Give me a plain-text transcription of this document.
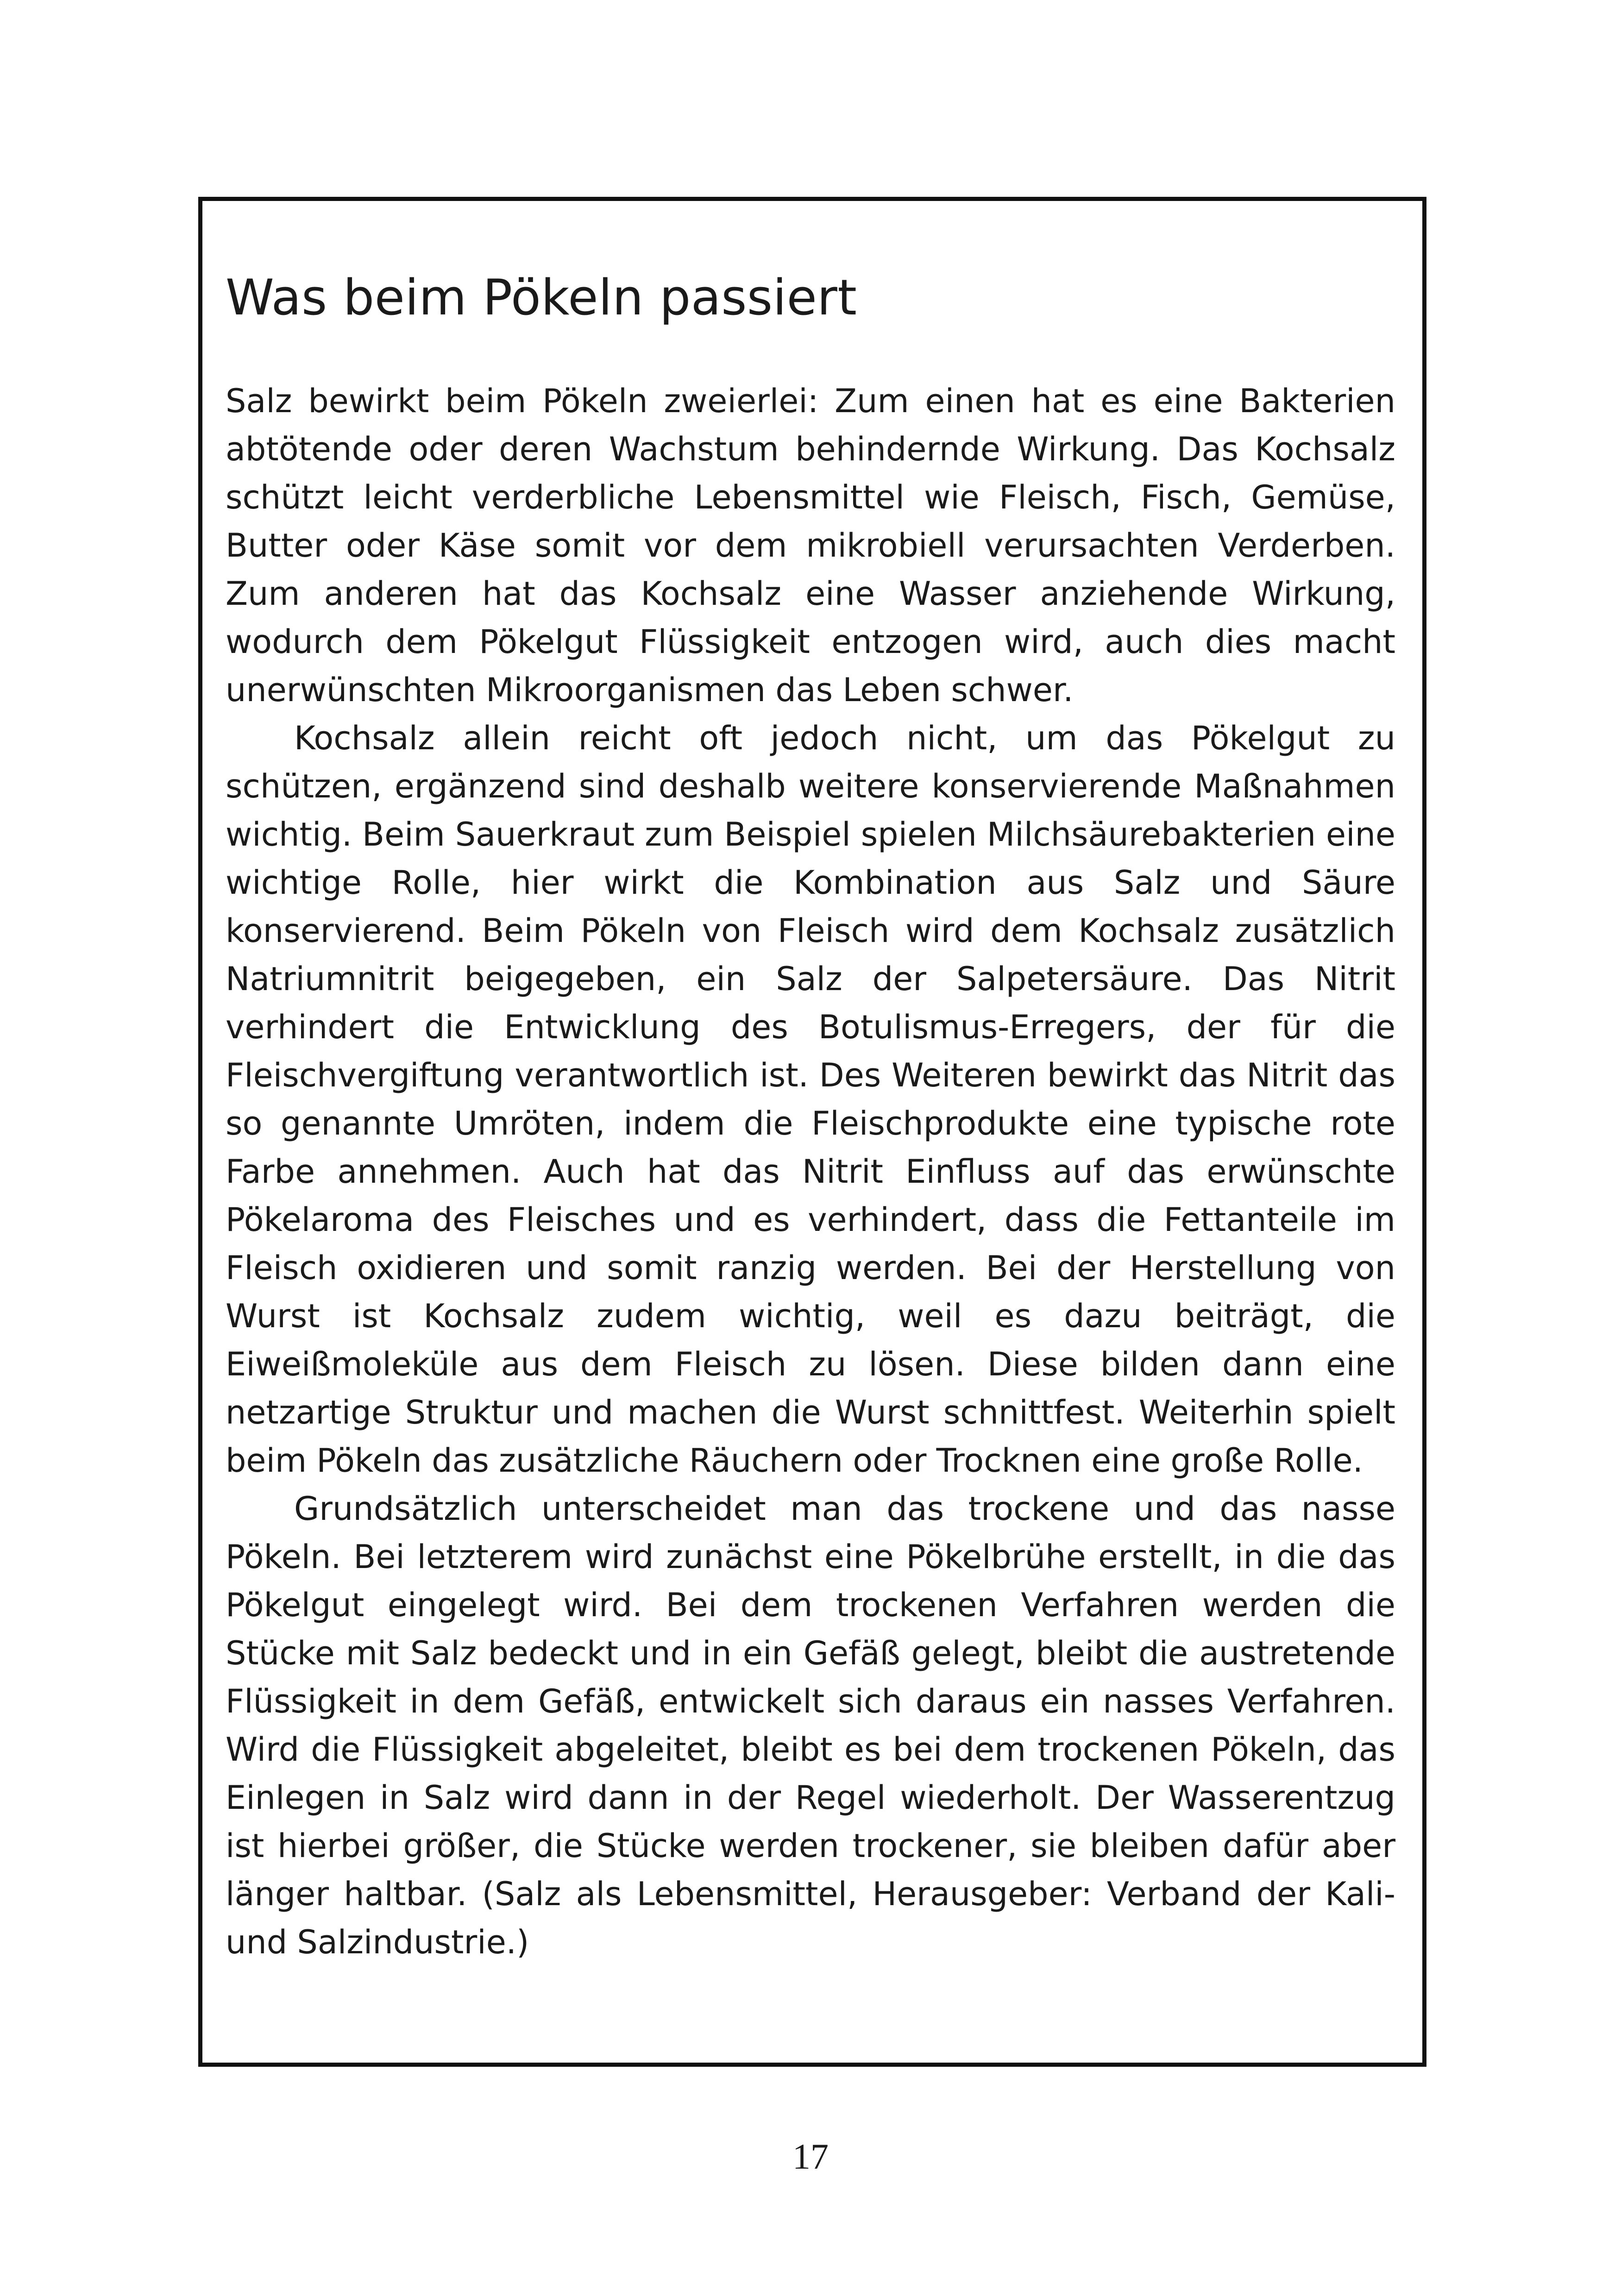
Was beim Pökeln passiert

Salz bewirkt beim Pökeln zweierlei: Zum einen hat es eine Bakterien abtötende oder deren Wachstum behindernde Wirkung. Das Kochsalz schützt leicht verderbliche Lebensmittel wie Fleisch, Fisch, Gemüse, Butter oder Käse somit vor dem mikrobiell verursachten Verderben. Zum anderen hat das Kochsalz eine Wasser anziehende Wirkung, wodurch dem Pökelgut Flüssigkeit entzogen wird, auch dies macht unerwünschten Mikroorganismen das Leben schwer.

Kochsalz allein reicht oft jedoch nicht, um das Pökelgut zu schützen, ergänzend sind deshalb weitere konservierende Maßnahmen wichtig. Beim Sauerkraut zum Beispiel spielen Milchsäurebakterien eine wichtige Rolle, hier wirkt die Kombination aus Salz und Säure konservierend. Beim Pökeln von Fleisch wird dem Kochsalz zusätzlich Natriumnitrit beigegeben, ein Salz der Salpetersäure. Das Nitrit verhindert die Entwicklung des Botulismus-Erregers, der für die Fleischvergiftung verantwortlich ist. Des Weiteren bewirkt das Nitrit das so genannte Umröten, indem die Fleischprodukte eine typische rote Farbe annehmen. Auch hat das Nitrit Einfluss auf das erwünschte Pökelaroma des Fleisches und es verhindert, dass die Fettanteile im Fleisch oxidieren und somit ranzig werden. Bei der Herstellung von Wurst ist Kochsalz zudem wichtig, weil es dazu beiträgt, die Eiweißmoleküle aus dem Fleisch zu lösen. Diese bilden dann eine netzartige Struktur und machen die Wurst schnittfest. Weiterhin spielt beim Pökeln das zusätzliche Räuchern oder Trocknen eine große Rolle.

Grundsätzlich unterscheidet man das trockene und das nasse Pökeln. Bei letzterem wird zunächst eine Pökelbrühe erstellt, in die das Pökelgut eingelegt wird. Bei dem trockenen Verfahren werden die Stücke mit Salz bedeckt und in ein Gefäß gelegt, bleibt die austretende Flüssigkeit in dem Gefäß, entwickelt sich daraus ein nasses Verfahren. Wird die Flüssigkeit abgeleitet, bleibt es bei dem trockenen Pökeln, das Einlegen in Salz wird dann in der Regel wiederholt. Der Wasserentzug ist hierbei größer, die Stücke werden trockener, sie bleiben dafür aber länger haltbar. (Salz als Lebensmittel, Herausgeber: Verband der Kali- und Salzindustrie.)

17
